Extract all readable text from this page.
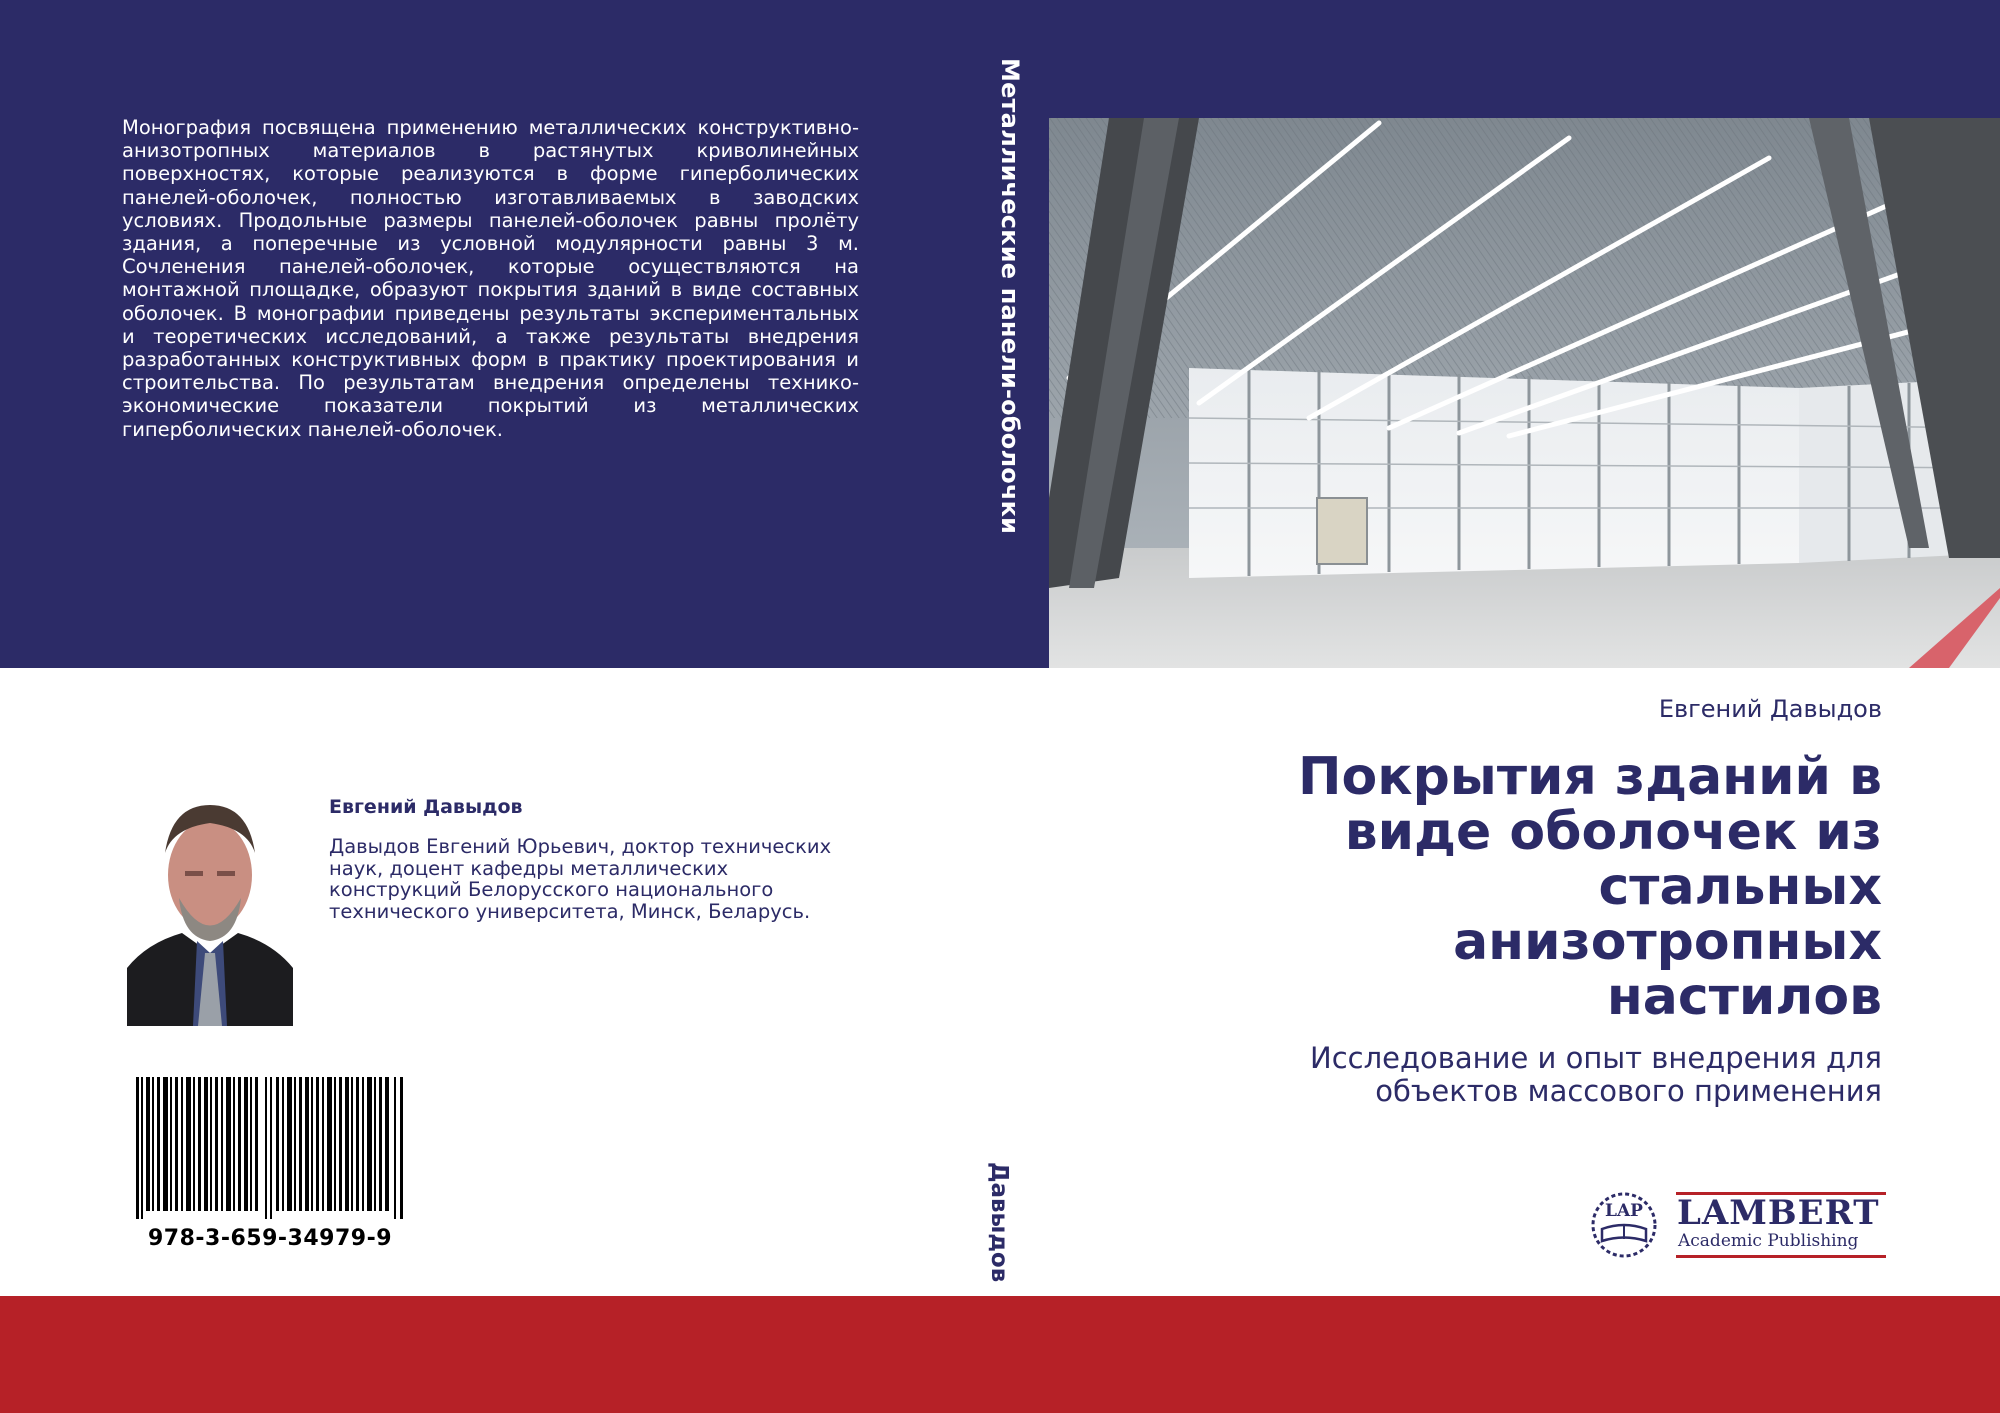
Монография посвящена применению металлических конструктивно-анизотропных материалов в растянутых криволинейных поверхностях, которые реализуются в форме гиперболических панелей-оболочек, полностью изготавливаемых в заводских условиях. Продольные размеры панелей-оболочек равны пролёту здания, а поперечные из условной модулярности равны 3 м. Сочленения панелей-оболочек, которые осуществляются на монтажной площадке, образуют покрытия зданий в виде составных оболочек. В монографии приведены результаты экспериментальных и теоретических исследований, а также результаты внедрения разработанных конструктивных форм в практику проектирования и строительства. По результатам внедрения определены технико-экономические показатели покрытий из металлических гиперболических панелей-оболочек.	Металлические панели-оболочки
Давыдов
Евгений Давыдов
Покрытия зданий в виде оболочек из стальных анизотропных настилов

Исследование и опыт внедрения для объектов массового применения

Евгений Давыдов

Давыдов Евгений Юрьевич, доктор технических наук, доцент кафедры металлических конструкций Белорусского национального технического университета, Минск, Беларусь.

978-3-659-34979-9
LAP LAMBERT
Academic Publishing
